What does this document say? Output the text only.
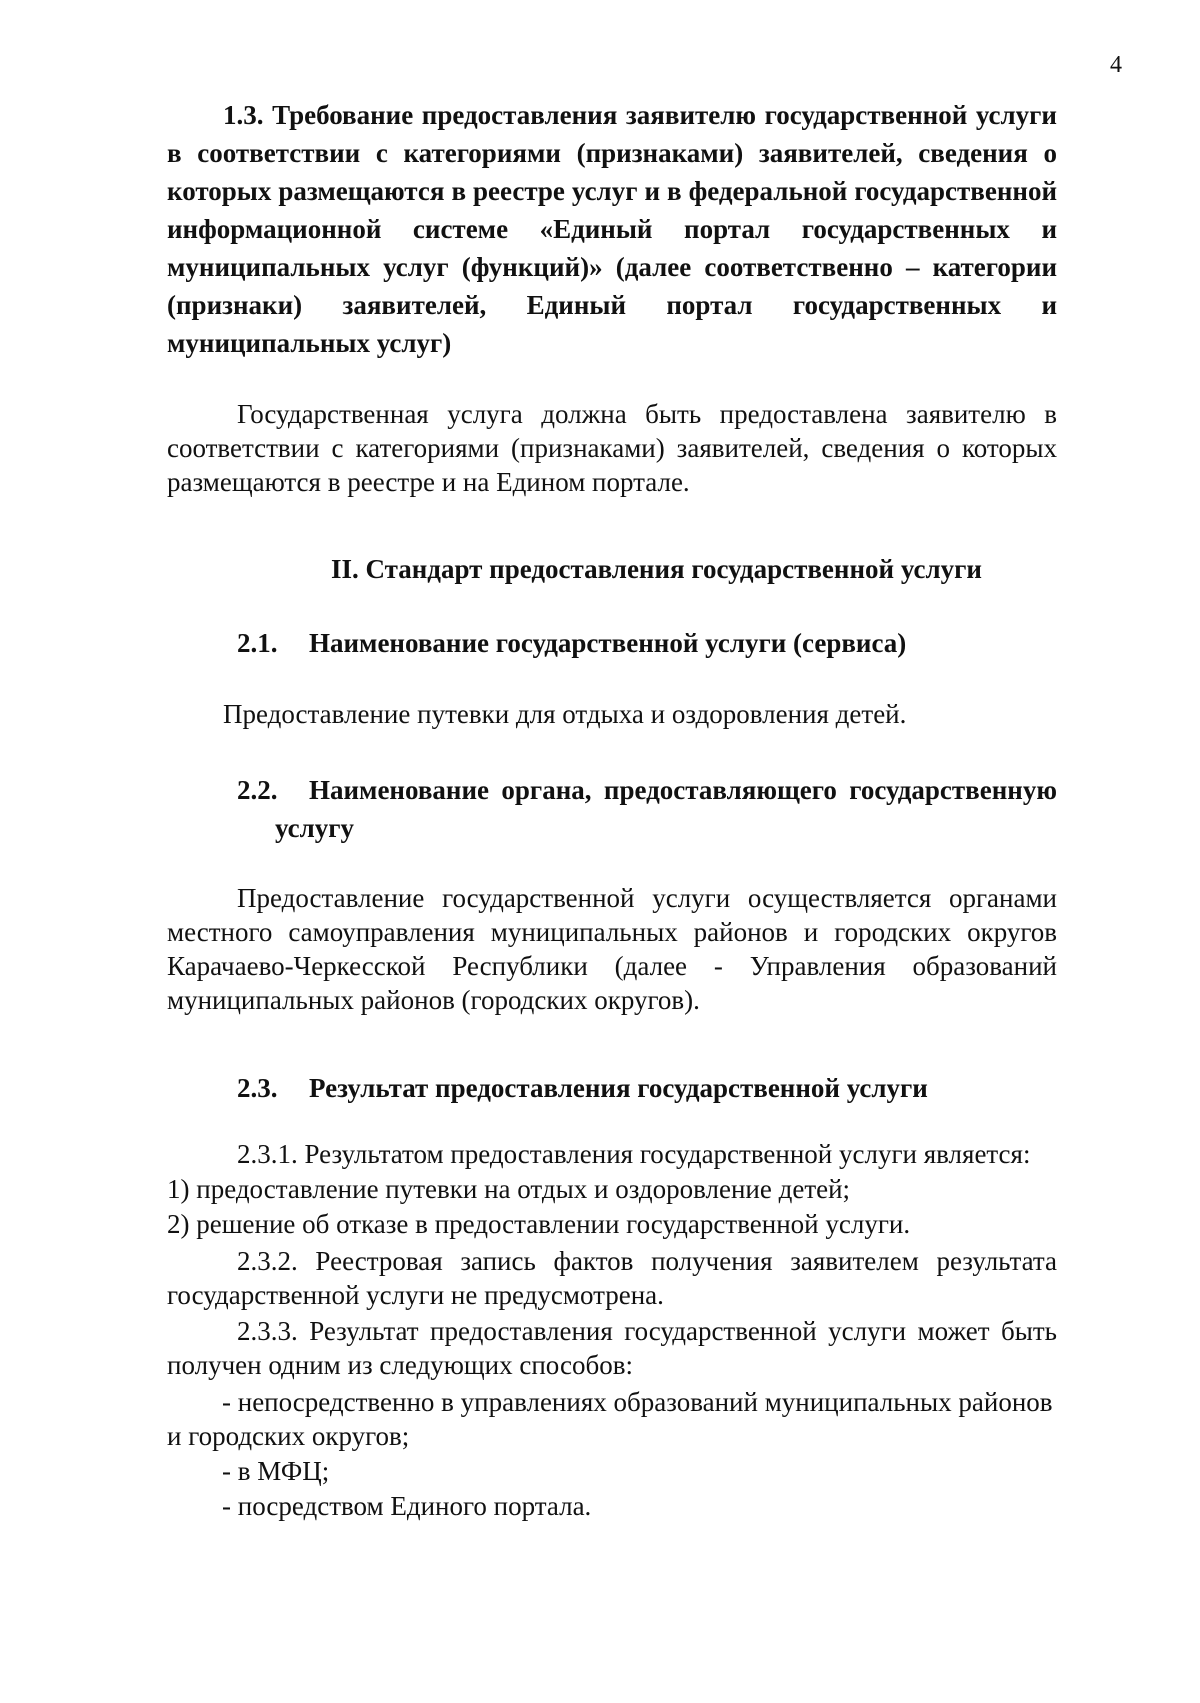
4
1.3. Требование предоставления заявителю государственной услуги
в соответствии с категориями (признаками) заявителей, сведения о
которых размещаются в реестре услуг и в федеральной государственной
информационной системе «Единый портал государственных и
муниципальных услуг (функций)» (далее соответственно – категории
(признаки) заявителей, Единый портал государственных и
муниципальных услуг)
Государственная услуга должна быть предоставлена заявителю в
соответствии с категориями (признаками) заявителей, сведения о которых
размещаются в реестре и на Едином портале.
II. Стандарт предоставления государственной услуги
2.1. Наименование государственной услуги (сервиса)
Предоставление путевки для отдыха и оздоровления детей.
2.2. Наименование органа, предоставляющего государственную
услугу
Предоставление государственной услуги осуществляется органами
местного самоуправления муниципальных районов и городских округов
Карачаево-Черкесской Республики (далее - Управления образований
муниципальных районов (городских округов).
2.3. Результат предоставления государственной услуги
2.3.1. Результатом предоставления государственной услуги является:
1) предоставление путевки на отдых и оздоровление детей;
2) решение об отказе в предоставлении государственной услуги.
2.3.2. Реестровая запись фактов получения заявителем результата
государственной услуги не предусмотрена.
2.3.3. Результат предоставления государственной услуги может быть
получен одним из следующих способов:
- непосредственно в управлениях образований муниципальных районов
и городских округов;
- в МФЦ;
- посредством Единого портала.
